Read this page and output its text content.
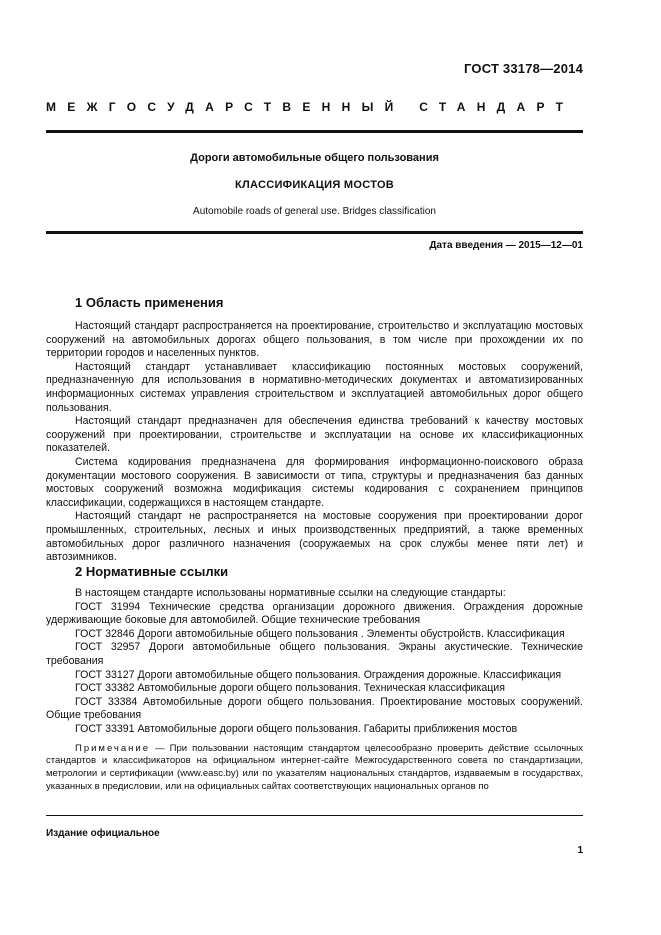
ГОСТ 33178—2014
МЕЖГОСУДАРСТВЕННЫЙ СТАНДАРТ
Дороги автомобильные общего пользования
КЛАССИФИКАЦИЯ МОСТОВ
Automobile roads of general use. Bridges classification
Дата введения — 2015—12—01
1 Область применения

Настоящий стандарт распространяется на проектирование, строительство и эксплуатацию мостовых сооружений на автомобильных дорогах общего пользования, в том числе при прохождении их по территории городов и населенных пунктов.

Настоящий стандарт устанавливает классификацию постоянных мостовых сооружений, предназначенную для использования в нормативно-методических документах и автоматизированных информационных системах управления строительством и эксплуатацией автомобильных дорог общего пользования.

Настоящий стандарт предназначен для обеспечения единства требований к качеству мостовых сооружений при проектировании, строительстве и эксплуатации на основе их классификационных показателей.

Система кодирования предназначена для формирования информационно-поискового образа документации мостового сооружения. В зависимости от типа, структуры и предназначения баз данных мостовых сооружений возможна модификация системы кодирования с сохранением принципов классификации, содержащихся в настоящем стандарте.

Настоящий стандарт не распространяется на мостовые сооружения при проектировании дорог промышленных, строительных, лесных и иных производственных предприятий, а также временных автомобильных дорог различного назначения (сооружаемых на срок службы менее пяти лет) и автозимников.

2 Нормативные ссылки

В настоящем стандарте использованы нормативные ссылки на следующие стандарты:

ГОСТ 31994 Технические средства организации дорожного движения. Ограждения дорожные удерживающие боковые для автомобилей. Общие технические требования

ГОСТ 32846 Дороги автомобильные общего пользования . Элементы обустройств. Классификация

ГОСТ 32957 Дороги автомобильные общего пользования. Экраны акустические. Технические требования

ГОСТ 33127 Дороги автомобильные общего пользования. Ограждения дорожные. Классификация

ГОСТ 33382 Автомобильные дороги общего пользования. Техническая классификация

ГОСТ 33384 Автомобильные дороги общего пользования. Проектирование мостовых сооружений. Общие требования

ГОСТ 33391 Автомобильные дороги общего пользования. Габариты приближения мостов

Примечание — При пользовании настоящим стандартом целесообразно проверить действие ссылочных стандартов и классификаторов на официальном интернет-сайте Межгосударственного совета по стандартизации, метрологии и сертификации (www.easc.by) или по указателям национальных стандартов, издаваемым в государствах, указанных в предисловии, или на официальных сайтах соответствующих национальных органов по

Издание официальное
1
